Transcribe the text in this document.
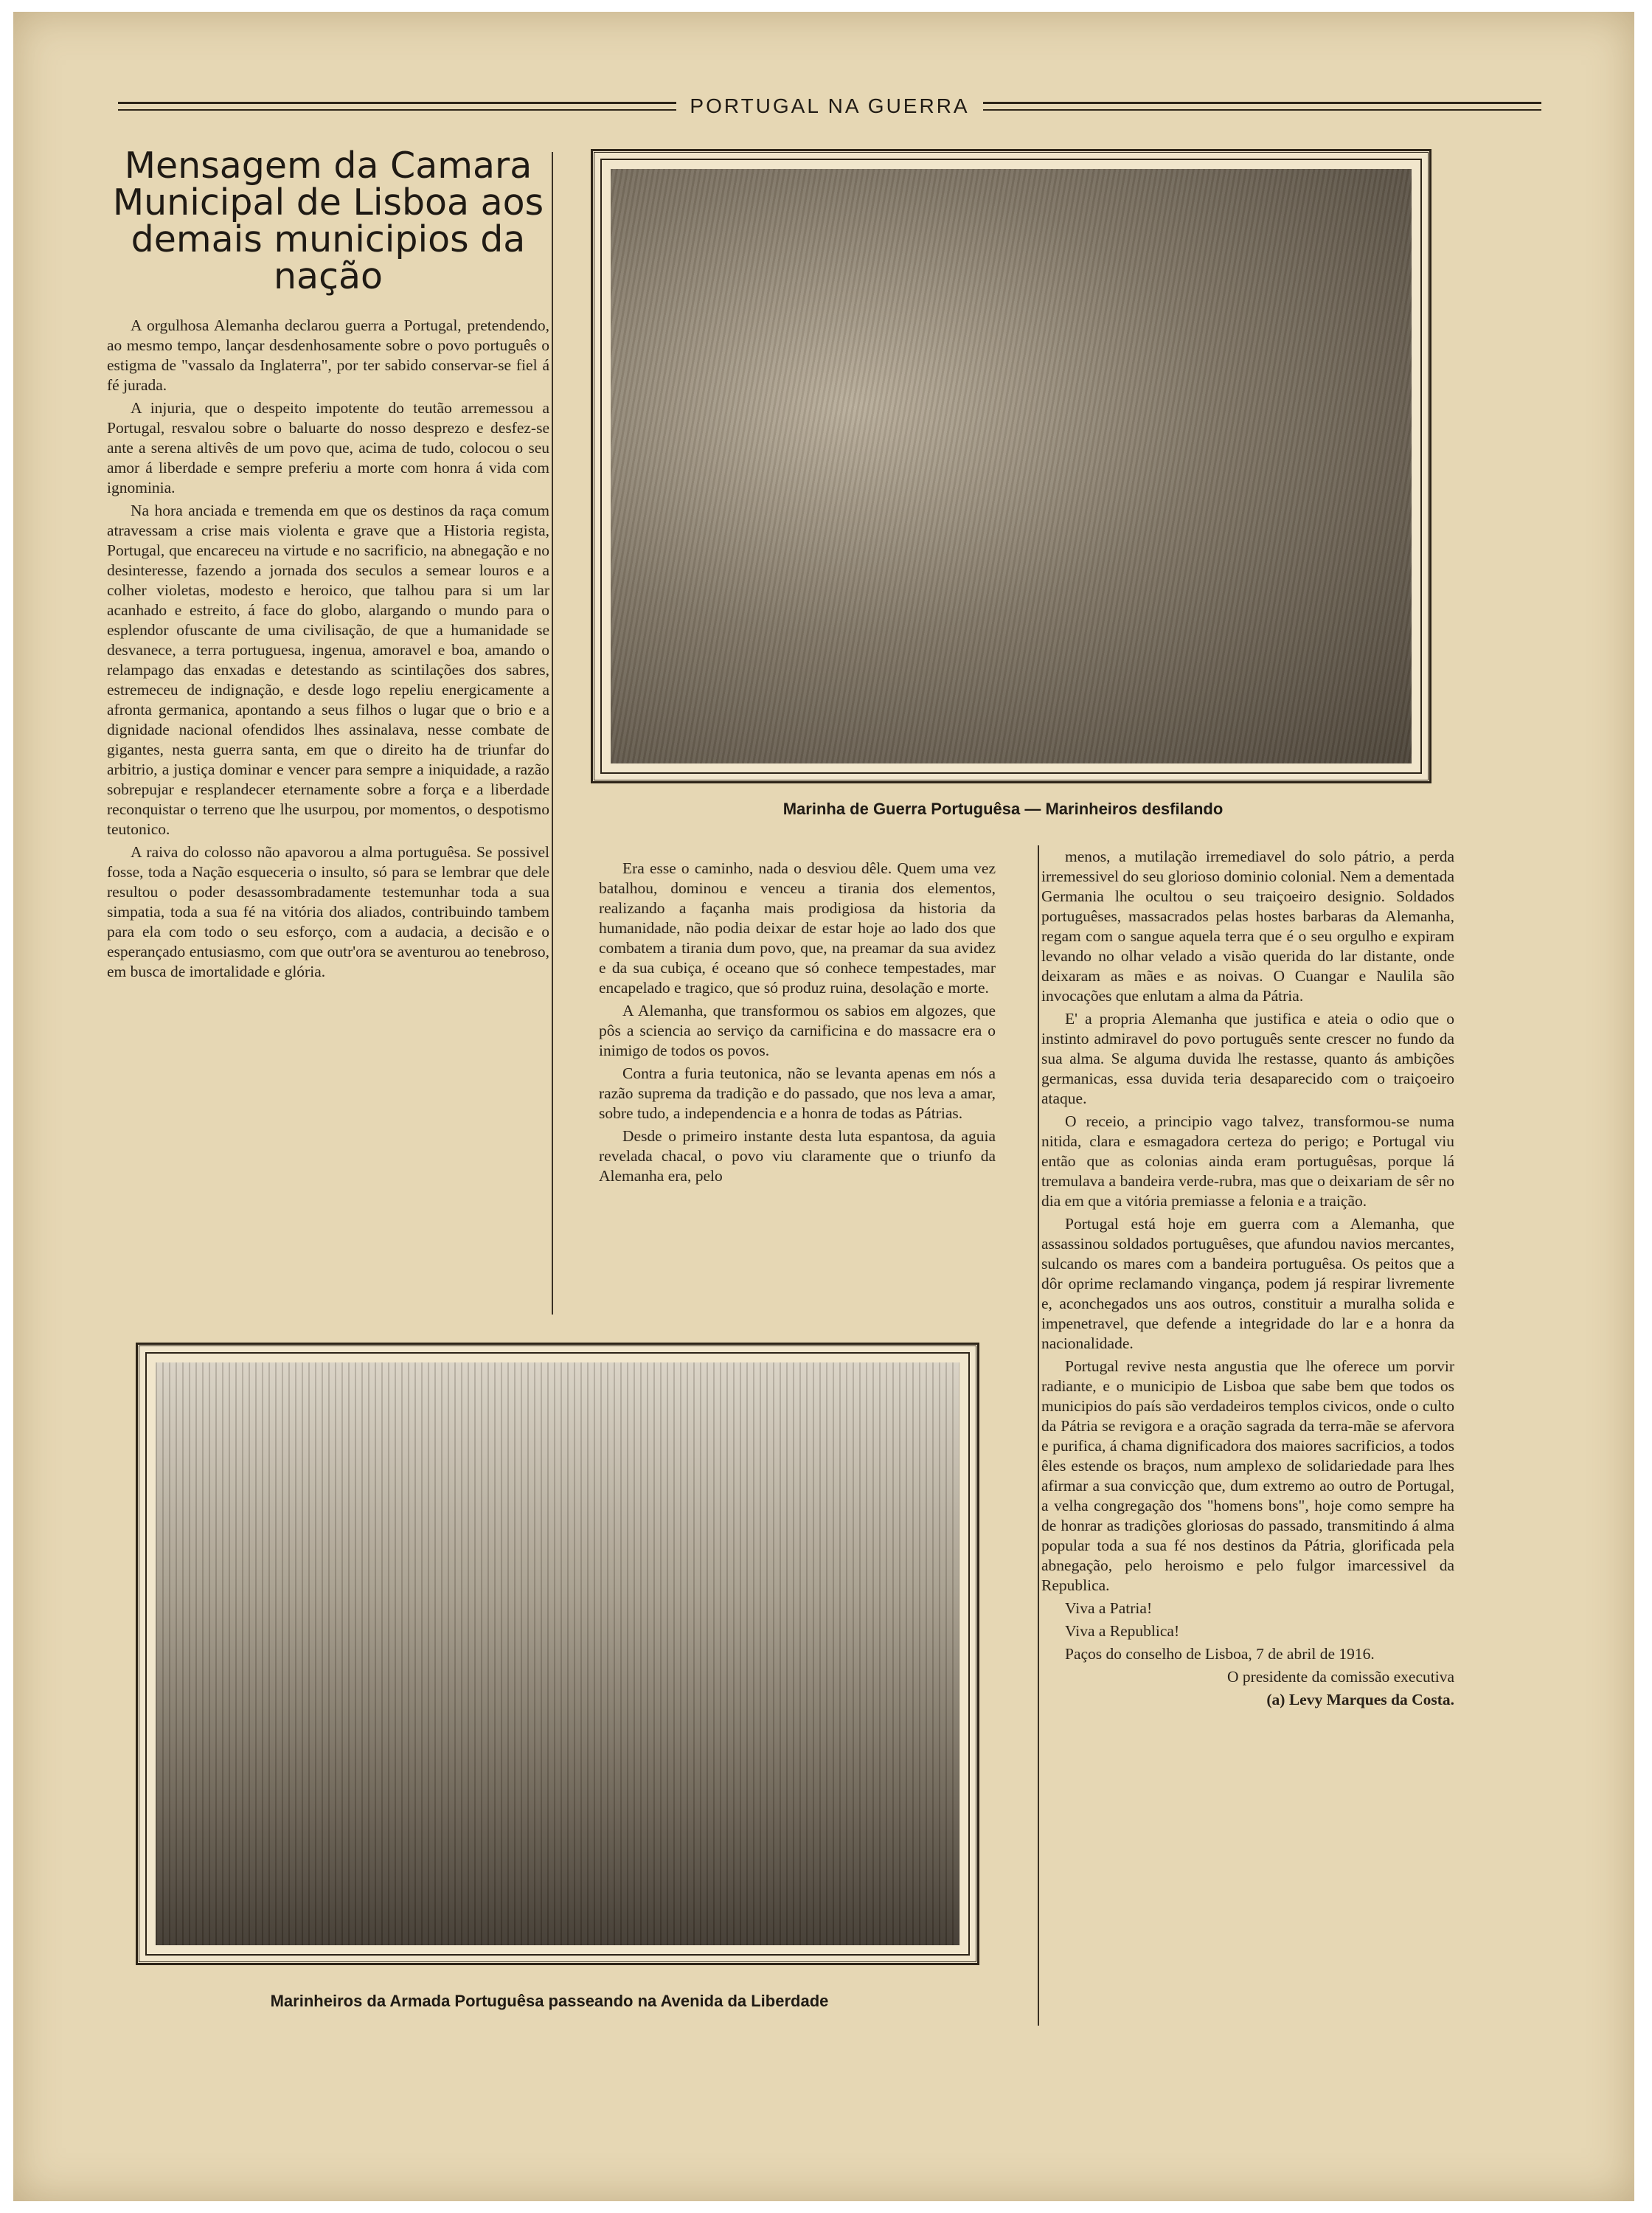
PORTUGAL NA GUERRA
Mensagem da Camara Municipal de Lisboa aos demais municipios da nação

A orgulhosa Alemanha declarou guerra a Portugal, pretendendo, ao mesmo tempo, lançar desdenhosamente sobre o povo português o estigma de "vassalo da Inglaterra", por ter sabido conservar-se fiel á fé jurada.

A injuria, que o despeito impotente do teutão arremessou a Portugal, resvalou sobre o baluarte do nosso desprezo e desfez-se ante a serena altivês de um povo que, acima de tudo, colocou o seu amor á liberdade e sempre preferiu a morte com honra á vida com ignominia.

Na hora anciada e tremenda em que os destinos da raça comum atravessam a crise mais violenta e grave que a Historia regista, Portugal, que encareceu na virtude e no sacrificio, na abnegação e no desinteresse, fazendo a jornada dos seculos a semear louros e a colher violetas, modesto e heroico, que talhou para si um lar acanhado e estreito, á face do globo, alargando o mundo para o esplendor ofuscante de uma civilisação, de que a humanidade se desvanece, a terra portuguesa, ingenua, amoravel e boa, amando o relampago das enxadas e detestando as scintilações dos sabres, estremeceu de indignação, e desde logo repeliu energicamente a afronta germanica, apontando a seus filhos o lugar que o brio e a dignidade nacional ofendidos lhes assinalava, nesse combate de gigantes, nesta guerra santa, em que o direito ha de triunfar do arbitrio, a justiça dominar e vencer para sempre a iniquidade, a razão sobrepujar e resplandecer eternamente sobre a força e a liberdade reconquistar o terreno que lhe usurpou, por momentos, o despotismo teutonico.

A raiva do colosso não apavorou a alma portuguêsa. Se possivel fosse, toda a Nação esqueceria o insulto, só para se lembrar que dele resultou o poder desassombradamente testemunhar toda a sua simpatia, toda a sua fé na vitória dos aliados, contribuindo tambem para ela com todo o seu esforço, com a audacia, a decisão e o esperançado entusiasmo, com que outr'ora se aventurou ao tenebroso, em busca de imortalidade e glória.

Marinha de Guerra Portuguêsa — Marinheiros desfilando

Era esse o caminho, nada o desviou dêle. Quem uma vez batalhou, dominou e venceu a tirania dos elementos, realizando a façanha mais prodigiosa da historia da humanidade, não podia deixar de estar hoje ao lado dos que combatem a tirania dum povo, que, na preamar da sua avidez e da sua cubiça, é oceano que só conhece tempestades, mar encapelado e tragico, que só produz ruina, desolação e morte.

A Alemanha, que transformou os sabios em algozes, que pôs a sciencia ao serviço da carnificina e do massacre era o inimigo de todos os povos.

Contra a furia teutonica, não se levanta apenas em nós a razão suprema da tradição e do passado, que nos leva a amar, sobre tudo, a independencia e a honra de todas as Pátrias.

Desde o primeiro instante desta luta espantosa, da aguia revelada chacal, o povo viu claramente que o triunfo da Alemanha era, pelo

menos, a mutilação irremediavel do solo pátrio, a perda irremessivel do seu glorioso dominio colonial. Nem a dementada Germania lhe ocultou o seu traiçoeiro designio. Soldados portuguêses, massacrados pelas hostes barbaras da Alemanha, regam com o sangue aquela terra que é o seu orgulho e expiram levando no olhar velado a visão querida do lar distante, onde deixaram as mães e as noivas. O Cuangar e Naulila são invocações que enlutam a alma da Pátria.

E' a propria Alemanha que justifica e ateia o odio que o instinto admiravel do povo português sente crescer no fundo da sua alma. Se alguma duvida lhe restasse, quanto ás ambições germanicas, essa duvida teria desaparecido com o traiçoeiro ataque.

O receio, a principio vago talvez, transformou-se numa nitida, clara e esmagadora certeza do perigo; e Portugal viu então que as colonias ainda eram portuguêsas, porque lá tremulava a bandeira verde-rubra, mas que o deixariam de sêr no dia em que a vitória premiasse a felonia e a traição.

Portugal está hoje em guerra com a Alemanha, que assassinou soldados portuguêses, que afundou navios mercantes, sulcando os mares com a bandeira portuguêsa. Os peitos que a dôr oprime reclamando vingança, podem já respirar livremente e, aconchegados uns aos outros, constituir a muralha solida e impenetravel, que defende a integridade do lar e a honra da nacionalidade.

Portugal revive nesta angustia que lhe oferece um porvir radiante, e o municipio de Lisboa que sabe bem que todos os municipios do país são verdadeiros templos civicos, onde o culto da Pátria se revigora e a oração sagrada da terra-mãe se afervora e purifica, á chama dignificadora dos maiores sacrificios, a todos êles estende os braços, num amplexo de solidariedade para lhes afirmar a sua convicção que, dum extremo ao outro de Portugal, a velha congregação dos "homens bons", hoje como sempre ha de honrar as tradições gloriosas do passado, transmitindo á alma popular toda a sua fé nos destinos da Pátria, glorificada pela abnegação, pelo heroismo e pelo fulgor imarcessivel da Republica.

Viva a Patria!

Viva a Republica!

Paços do conselho de Lisboa, 7 de abril de 1916.

O presidente da comissão executiva

(a) Levy Marques da Costa.

Marinheiros da Armada Portuguêsa passeando na Avenida da Liberdade
